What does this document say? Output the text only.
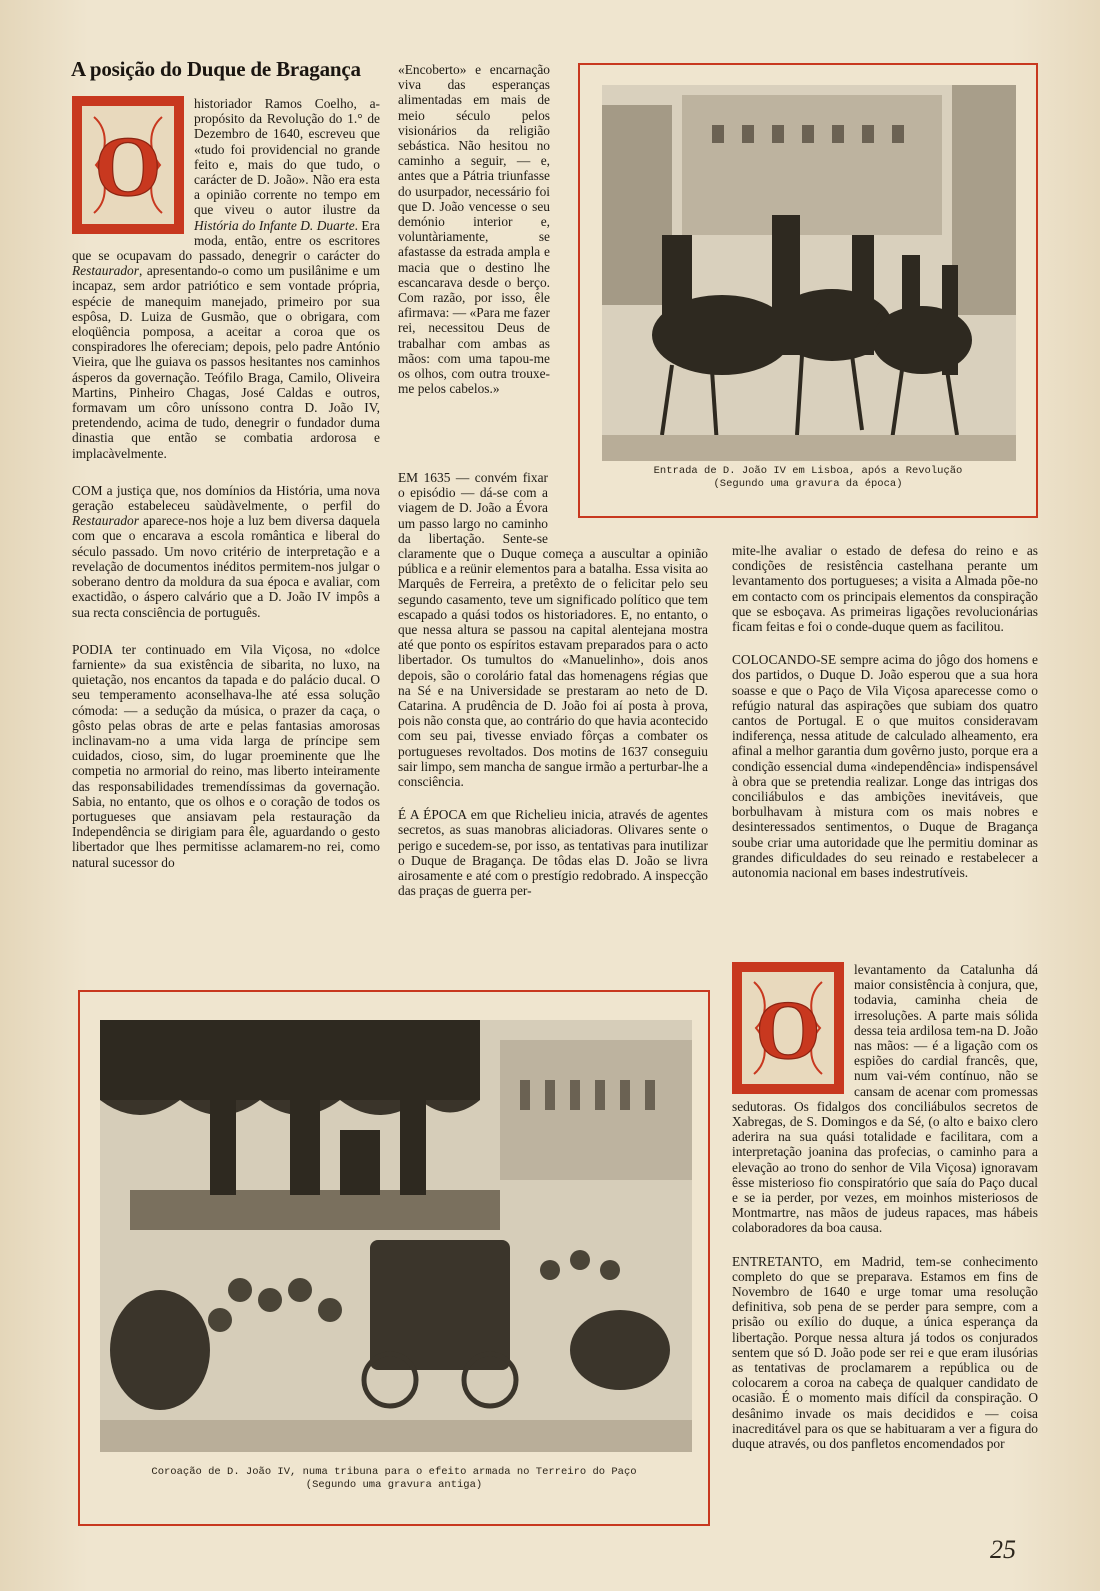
A posição do Duque de Bragança
O

historiador Ramos Coelho, a-propósito da Revolução do 1.° de Dezembro de 1640, escreveu que «tudo foi providencial no grande feito e, mais do que tudo, o carácter de D. João». Não era esta a opinião corrente no tempo em que viveu o autor ilustre da História do Infante D. Duarte. Era moda, então, entre os escritores que se ocupavam do passado, denegrir o carácter do Restaurador, apresentando-o como um pusilânime e um incapaz, sem ardor patriótico e sem vontade própria, espécie de manequim manejado, primeiro por sua espôsa, D. Luiza de Gusmão, que o obrigara, com eloqüência pomposa, a aceitar a coroa que os conspiradores lhe ofereciam; depois, pelo padre António Vieira, que lhe guiava os passos hesitantes nos caminhos ásperos da governação. Teófilo Braga, Camilo, Oliveira Martins, Pinheiro Chagas, José Caldas e outros, formavam um côro uníssono contra D. João IV, pretendendo, acima de tudo, denegrir o fundador duma dinastia que então se combatia ardorosa e implacàvelmente.

COM a justiça que, nos domínios da História, uma nova geração estabeleceu saùdàvelmente, o perfil do Restaurador aparece-nos hoje a luz bem diversa daquela com que o encarava a escola romântica e liberal do século passado. Um novo critério de interpretação e a revelação de documentos inéditos permitem-nos julgar o soberano dentro da moldura da sua época e avaliar, com exactidão, o áspero calvário que a D. João IV impôs a sua recta consciência de português.

PODIA ter continuado em Vila Viçosa, no «dolce farniente» da sua existência de sibarita, no luxo, na quietação, nos encantos da tapada e do palácio ducal. O seu temperamento aconselhava-lhe até essa solução cómoda: — a sedução da música, o prazer da caça, o gôsto pelas obras de arte e pelas fantasias amorosas inclinavam-no a uma vida larga de príncipe sem cuidados, cioso, sim, do lugar proeminente que lhe competia no armorial do reino, mas liberto inteiramente das responsabilidades tremendíssimas da governação. Sabia, no entanto, que os olhos e o coração de todos os portugueses que ansiavam pela restauração da Independência se dirigiam para êle, aguardando o gesto libertador que lhes permitisse aclamarem-no rei, como natural sucessor do

«Encoberto» e encarnação viva das esperanças alimentadas em mais de meio século pelos visionários da religião sebástica. Não hesitou no caminho a seguir, — e, antes que a Pátria triunfasse do usurpador, necessário foi que D. João vencesse o seu demónio interior e, voluntàriamente, se afastasse da estrada ampla e macia que o destino lhe escancarava desde o berço. Com razão, por isso, êle afirmava: — «Para me fazer rei, necessitou Deus de trabalhar com ambas as mãos: com uma tapou-me os olhos, com outra trouxe-me pelos cabelos.»

EM 1635 — convém fixar o episódio — dá-se com a viagem de D. João a Évora um passo largo no caminho da libertação. Sente-se claramente que o Duque começa a auscultar a opinião pública e a reünir elementos para a batalha. Essa visita ao Marquês de Ferreira, a pretêxto de o felicitar pelo seu segundo casamento, teve um significado político que tem escapado a quási todos os historiadores. E, no entanto, o que nessa altura se passou na capital alentejana mostra até que ponto os espíritos estavam preparados para o acto libertador. Os tumultos do «Manuelinho», dois anos depois, são o corolário fatal das homenagens régias que na Sé e na Universidade se prestaram ao neto de D. Catarina. A prudência de D. João foi aí posta à prova, pois não consta que, ao contrário do que havia acontecido com seu pai, tivesse enviado fôrças a combater os portugueses revoltados. Dos motins de 1637 conseguiu sair limpo, sem mancha de sangue irmão a perturbar-lhe a consciência.

É A ÉPOCA em que Richelieu inicia, através de agentes secretos, as suas manobras aliciadoras. Olivares sente o perigo e sucedem-se, por isso, as tentativas para inutilizar o Duque de Bragança. De tôdas elas D. João se livra airosamente e até com o prestígio redobrado. A inspecção das praças de guerra per-

Entrada de D. João IV em Lisboa, após a Revolução
(Segundo uma gravura da época)

mite-lhe avaliar o estado de defesa do reino e as condições de resistência castelhana perante um levantamento dos portugueses; a visita a Almada põe-no em contacto com os principais elementos da conspiração que se esboçava. As primeiras ligações revolucionárias ficam feitas e foi o conde-duque quem as facilitou.

COLOCANDO-SE sempre acima do jôgo dos homens e dos partidos, o Duque D. João esperou que a sua hora soasse e que o Paço de Vila Viçosa aparecesse como o refúgio natural das aspirações que subiam dos quatro cantos de Portugal. E o que muitos consideravam indiferença, nessa atitude de calculado alheamento, era afinal a melhor garantia dum govêrno justo, porque era a condição essencial duma «independência» indispensável à obra que se pretendia realizar. Longe das intrigas dos conciliábulos e das ambições inevitáveis, que borbulhavam à mistura com os mais nobres e desinteressados sentimentos, o Duque de Bragança soube criar uma autoridade que lhe permitiu dominar as grandes dificuldades do seu reinado e restabelecer a autonomia nacional em bases indestrutíveis.

O

levantamento da Catalunha dá maior consistência à conjura, que, todavia, caminha cheia de irresoluções. A parte mais sólida dessa teia ardilosa tem-na D. João nas mãos: — é a ligação com os espiões do cardial francês, que, num vai-vém contínuo, não se cansam de acenar com promessas sedutoras. Os fidalgos dos conciliábulos secretos de Xabregas, de S. Domingos e da Sé, (o alto e baixo clero aderira na sua quási totalidade e facilitara, com a interpretação joanina das profecias, o caminho para a elevação ao trono do senhor de Vila Viçosa) ignoravam êsse misterioso fio conspiratório que saía do Paço ducal e se ia perder, por vezes, em moinhos misteriosos de Montmartre, nas mãos de judeus rapaces, mas hábeis colaboradores da boa causa.

ENTRETANTO, em Madrid, tem-se conhecimento completo do que se preparava. Estamos em fins de Novembro de 1640 e urge tomar uma resolução definitiva, sob pena de se perder para sempre, com a prisão ou exílio do duque, a única esperança da libertação. Porque nessa altura já todos os conjurados sentem que só D. João pode ser rei e que eram ilusórias as tentativas de proclamarem a república ou de colocarem a coroa na cabeça de qualquer candidato de ocasião. É o momento mais difícil da conspiração. O desânimo invade os mais decididos e — coisa inacreditável para os que se habituaram a ver a figura do duque através, ou dos panfletos encomendados por

Coroação de D. João IV, numa tribuna para o efeito armada no Terreiro do Paço
(Segundo uma gravura antiga)
25
